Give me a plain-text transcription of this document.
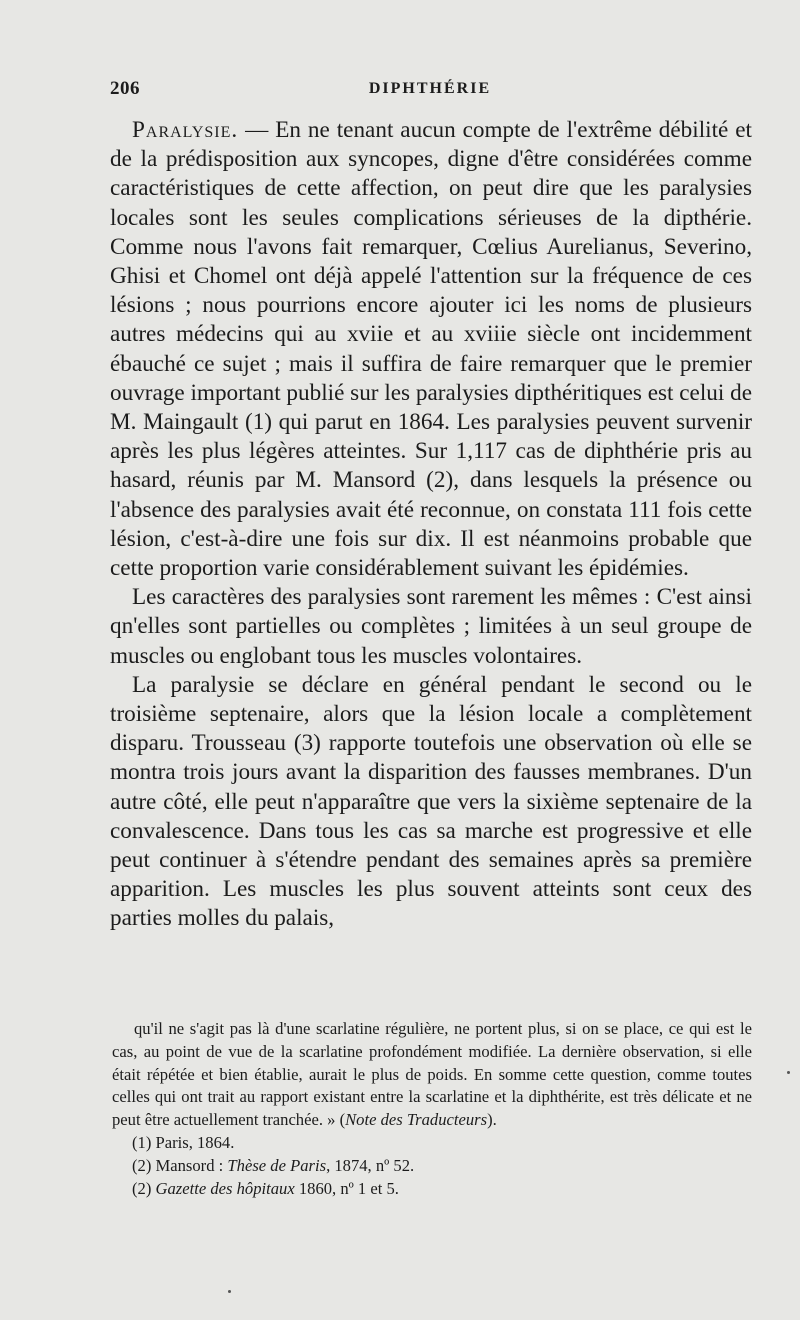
206	DIPHTHÉRIE

Paralysie. — En ne tenant aucun compte de l'extrême débilité et de la prédisposition aux syncopes, digne d'être considérées comme caractéristiques de cette affection, on peut dire que les paralysies locales sont les seules complications sérieuses de la dipthérie. Comme nous l'avons fait remarquer, Cœlius Aurelianus, Severino, Ghisi et Chomel ont déjà appelé l'attention sur la fréquence de ces lésions ; nous pourrions encore ajouter ici les noms de plusieurs autres médecins qui au xviie et au xviiie siècle ont incidemment ébauché ce sujet ; mais il suffira de faire remarquer que le premier ouvrage important publié sur les paralysies dipthéritiques est celui de M. Maingault (1) qui parut en 1864. Les paralysies peuvent survenir après les plus légères atteintes. Sur 1,117 cas de diphthérie pris au hasard, réunis par M. Mansord (2), dans lesquels la présence ou l'absence des paralysies avait été reconnue, on constata 111 fois cette lésion, c'est-à-dire une fois sur dix. Il est néanmoins probable que cette proportion varie considérablement suivant les épidémies.

Les caractères des paralysies sont rarement les mêmes : C'est ainsi qn'elles sont partielles ou complètes ; limitées à un seul groupe de muscles ou englobant tous les muscles volontaires.

La paralysie se déclare en général pendant le second ou le troisième septenaire, alors que la lésion locale a complètement disparu. Trousseau (3) rapporte toutefois une observation où elle se montra trois jours avant la disparition des fausses membranes. D'un autre côté, elle peut n'apparaître que vers la sixième septenaire de la convalescence. Dans tous les cas sa marche est progressive et elle peut continuer à s'étendre pendant des semaines après sa première apparition. Les muscles les plus souvent atteints sont ceux des parties molles du palais,

qu'il ne s'agit pas là d'une scarlatine régulière, ne portent plus, si on se place, ce qui est le cas, au point de vue de la scarlatine profondément modifiée. La dernière observation, si elle était répétée et bien établie, aurait le plus de poids. En somme cette question, comme toutes celles qui ont trait au rapport existant entre la scarlatine et la diphthérite, est très délicate et ne peut être actuellement tranchée. » (Note des Traducteurs).

(1) Paris, 1864.
(2) Mansord : Thèse de Paris, 1874, nº 52.
(2) Gazette des hôpitaux 1860, nº 1 et 5.
